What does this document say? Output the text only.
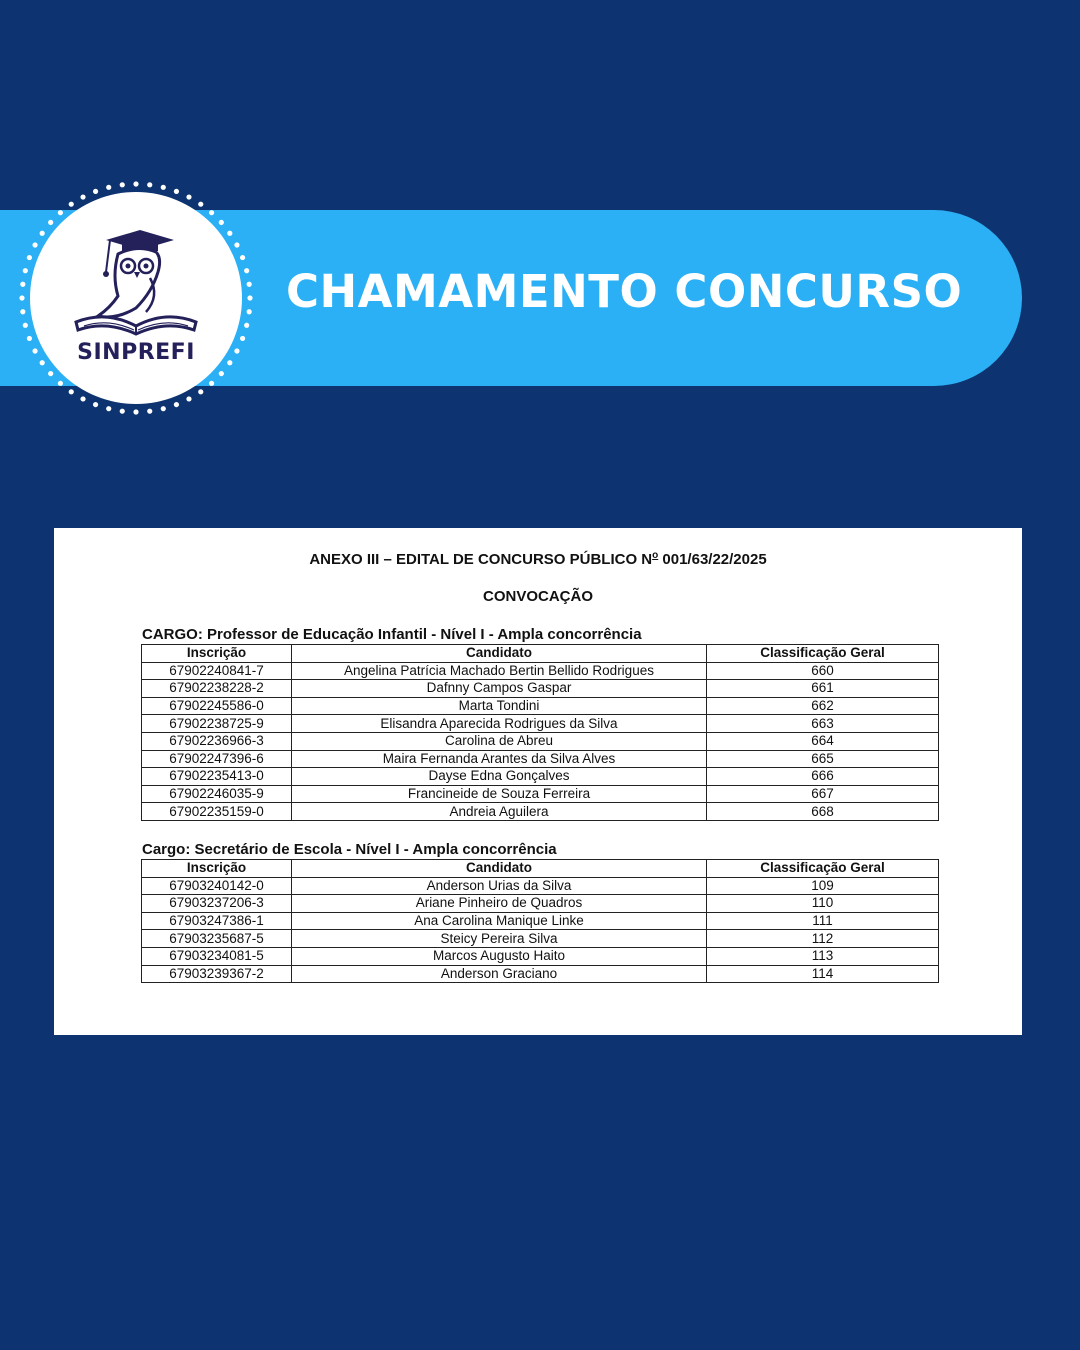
CHAMAMENTO CONCURSO
SINPREFI
ANEXO III – EDITAL DE CONCURSO PÚBLICO $N^o$ 001/63/22/2025
CONVOCAÇÃO
CARGO: Professor de Educação Infantil - Nível I - Ampla concorrência
Inscrição	Candidato	Classificação Geral
67902240841-7	Angelina Patrícia Machado Bertin Bellido Rodrigues	660
67902238228-2	Dafnny Campos Gaspar	661
67902245586-0	Marta Tondini	662
67902238725-9	Elisandra Aparecida Rodrigues da Silva	663
67902236966-3	Carolina de Abreu	664
67902247396-6	Maira Fernanda Arantes da Silva Alves	665
67902235413-0	Dayse Edna Gonçalves	666
67902246035-9	Francineide de Souza Ferreira	667
67902235159-0	Andreia Aguilera	668
Cargo: Secretário de Escola - Nível I - Ampla concorrência
Inscrição	Candidato	Classificação Geral
67903240142-0	Anderson Urias da Silva	109
67903237206-3	Ariane Pinheiro de Quadros	110
67903247386-1	Ana Carolina Manique Linke	111
67903235687-5	Steicy Pereira Silva	112
67903234081-5	Marcos Augusto Haito	113
67903239367-2	Anderson Graciano	114
